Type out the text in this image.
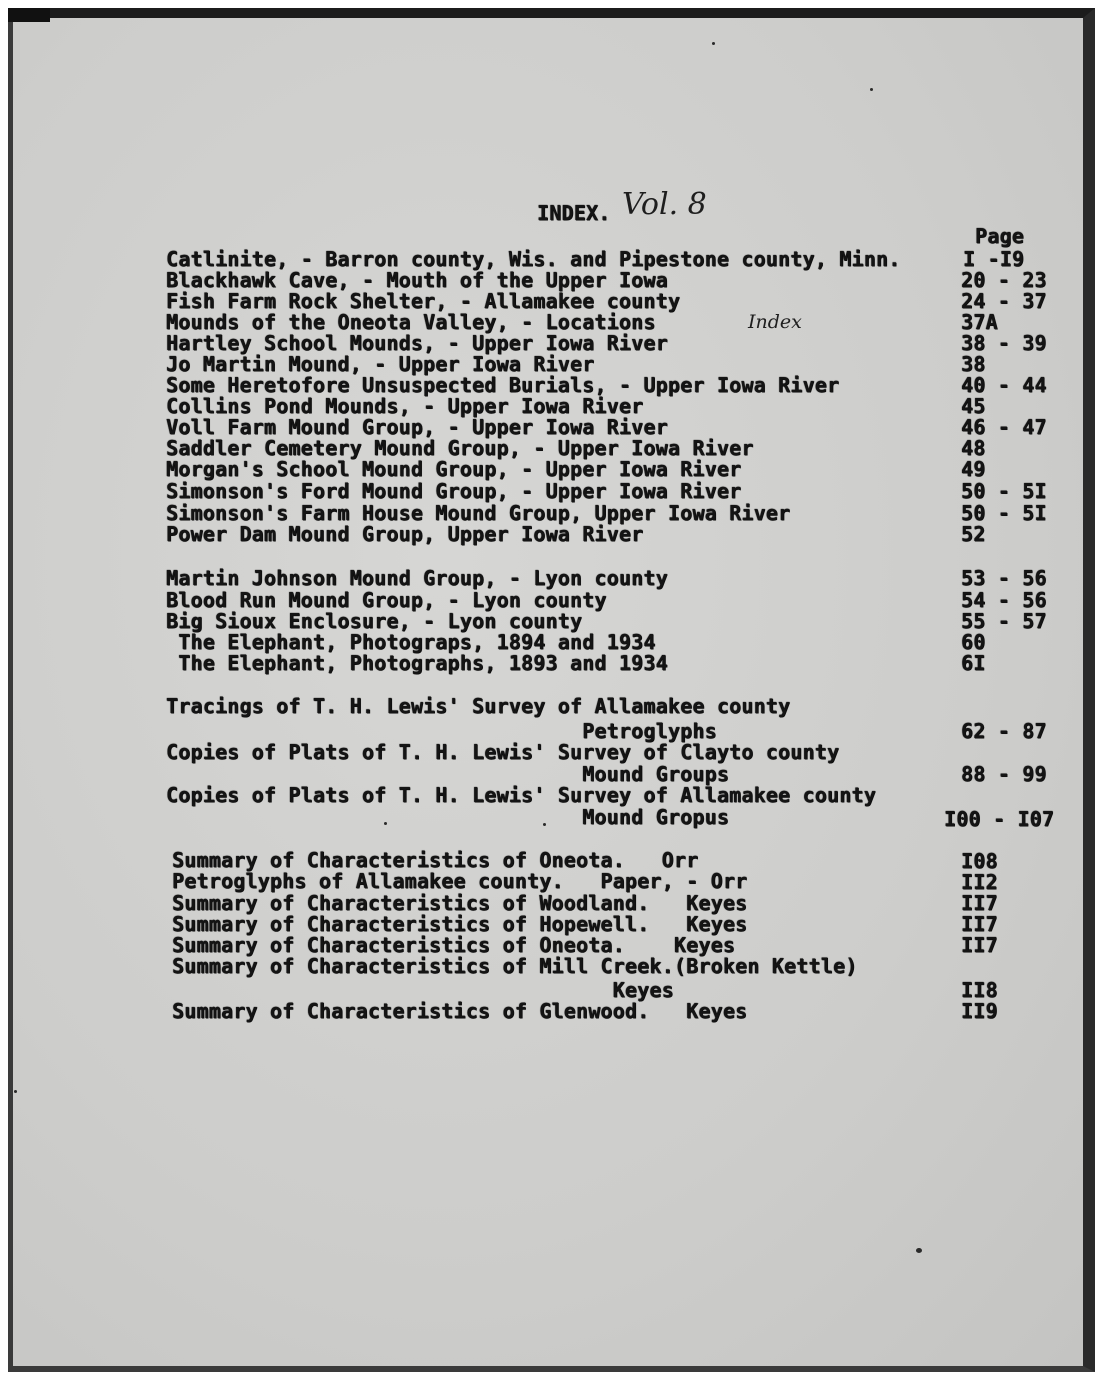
INDEX. Vol. 8
Page
Index
Catlinite, - Barron county, Wis. and Pipestone county, Minn.	I -I9
Blackhawk Cave, - Mouth of the Upper Iowa	20 - 23
Fish Farm Rock Shelter, - Allamakee county	24 - 37
Mounds of the Oneota Valley, - Locations	37A
Hartley School Mounds, - Upper Iowa River	38 - 39
Jo Martin Mound, - Upper Iowa River	38
Some Heretofore Unsuspected Burials, - Upper Iowa River	40 - 44
Collins Pond Mounds, - Upper Iowa River	45
Voll Farm Mound Group, - Upper Iowa River	46 - 47
Saddler Cemetery Mound Group, - Upper Iowa River	48
Morgan's School Mound Group, - Upper Iowa River	49
Simonson's Ford Mound Group, - Upper Iowa River	50 - 5I
Simonson's Farm House Mound Group, Upper Iowa River	50 - 5I
Power Dam Mound Group, Upper Iowa River	52
Martin Johnson Mound Group, - Lyon county	53 - 56
Blood Run Mound Group, - Lyon county	54 - 56
Big Sioux Enclosure, - Lyon county	55 - 57
The Elephant, Photograps, 1894 and 1934	60
The Elephant, Photographs, 1893 and 1934	6I
Tracings of T. H. Lewis' Survey of Allamakee county
Petroglyphs	62 - 87
Copies of Plats of T. H. Lewis' Survey of Clayto county
Mound Groups	88 - 99
Copies of Plats of T. H. Lewis' Survey of Allamakee county
Mound Gropus	I00 - I07
Summary of Characteristics of Oneota.   Orr	I08
Petroglyphs of Allamakee county.   Paper, - Orr	II2
Summary of Characteristics of Woodland.   Keyes	II7
Summary of Characteristics of Hopewell.   Keyes	II7
Summary of Characteristics of Oneota.    Keyes	II7
Summary of Characteristics of Mill Creek.(Broken Kettle)
Keyes	II8
Summary of Characteristics of Glenwood.   Keyes	II9
